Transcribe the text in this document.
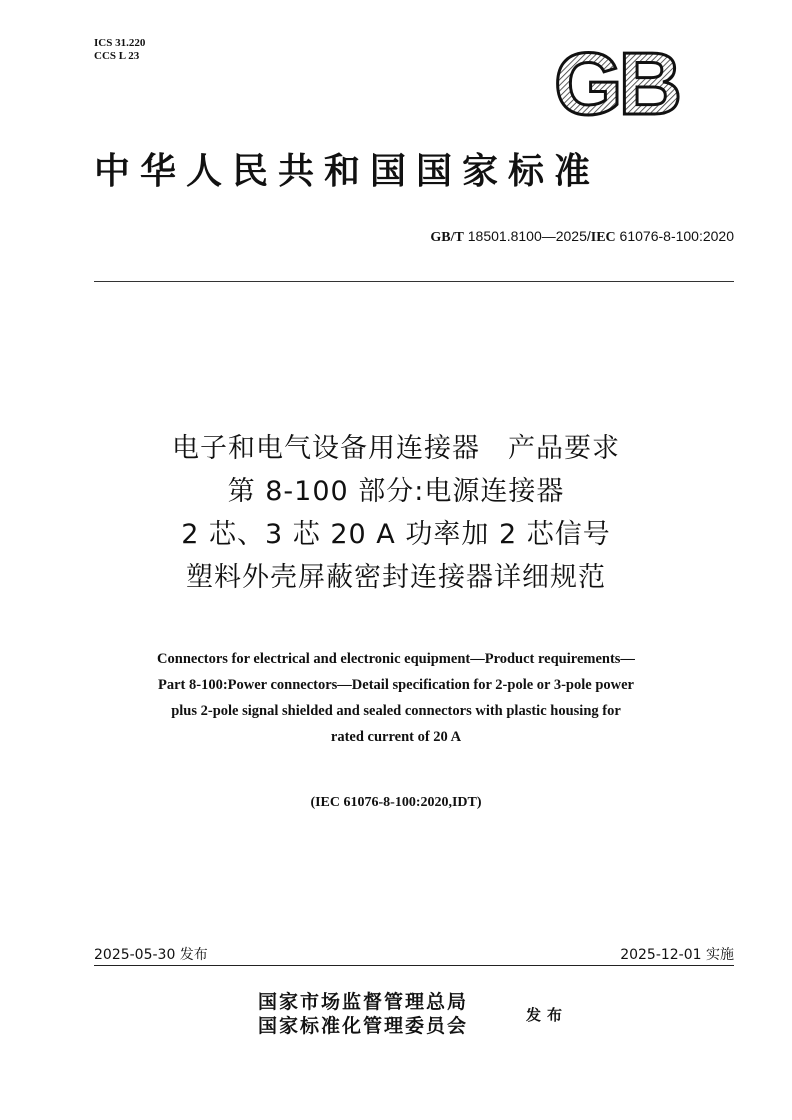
ICS 31.220
CCS L 23	GB
中华人民共和国国家标准
GB/T 18501.8100—2025/IEC 61076-8-100:2020
电子和电气设备用连接器　产品要求
第 8-100 部分:电源连接器
2 芯、3 芯 20 A 功率加 2 芯信号
塑料外壳屏蔽密封连接器详细规范
Connectors for electrical and electronic equipment—Product requirements—
Part 8-100:Power connectors—Detail specification for 2-pole or 3-pole power
plus 2-pole signal shielded and sealed connectors with plastic housing for
rated current of 20 A
(IEC 61076-8-100:2020,IDT)
2025-05-30 发布	2025-12-01 实施
国家市场监督管理总局
国家标准化管理委员会	发布
